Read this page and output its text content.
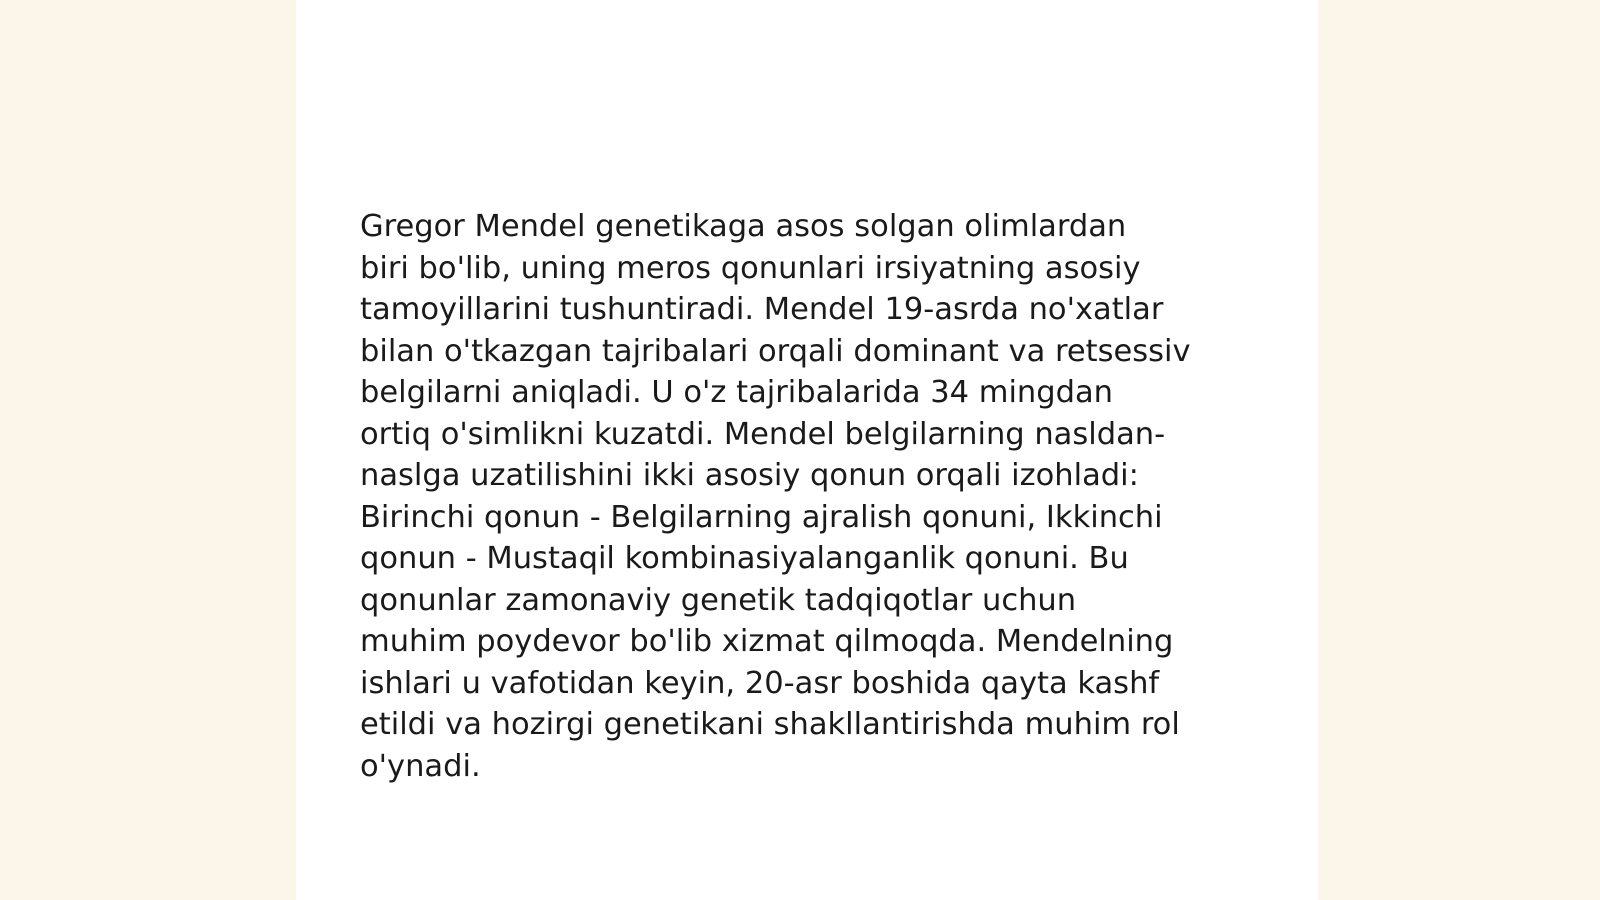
Gregor Mendel genetikaga asos solgan olimlardan
biri bo'lib, uning meros qonunlari irsiyatning asosiy
tamoyillarini tushuntiradi. Mendel 19-asrda no'xatlar
bilan o'tkazgan tajribalari orqali dominant va retsessiv
belgilarni aniqladi. U o'z tajribalarida 34 mingdan
ortiq o'simlikni kuzatdi. Mendel belgilarning nasldan-
naslga uzatilishini ikki asosiy qonun orqali izohladi:
Birinchi qonun - Belgilarning ajralish qonuni, Ikkinchi
qonun - Mustaqil kombinasiyalanganlik qonuni. Bu
qonunlar zamonaviy genetik tadqiqotlar uchun
muhim poydevor bo'lib xizmat qilmoqda. Mendelning
ishlari u vafotidan keyin, 20-asr boshida qayta kashf
etildi va hozirgi genetikani shakllantirishda muhim rol
o'ynadi.
